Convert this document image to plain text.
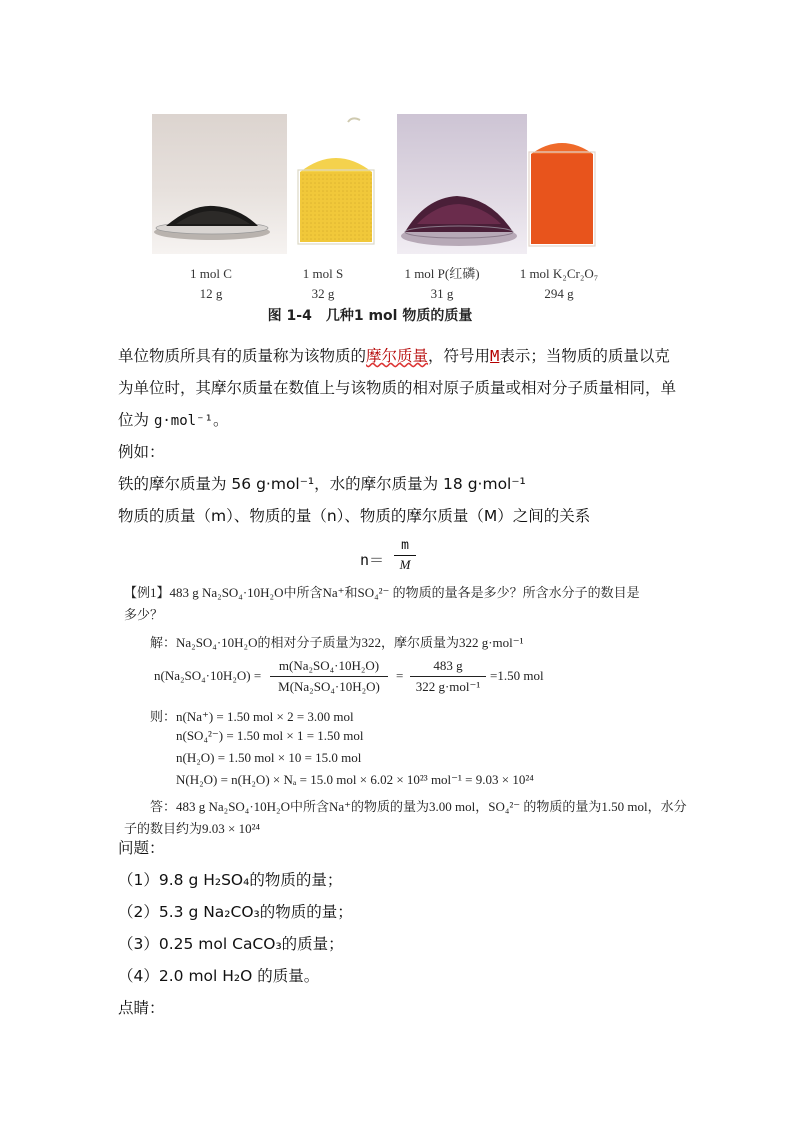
1 mol C
12 g
1 mol S
32 g
1 mol P(红磷)
31 g
1 mol K₂Cr₂O₇
294 g
图 1-4　几种1 mol 物质的质量

单位物质所具有的质量称为该物质的摩尔质量，符号用M表示；当物质的质量以克为单位时，其摩尔质量在数值上与该物质的相对原子质量或相对分子质量相同，单位为 g·mol⁻¹。

例如：

铁的摩尔质量为 56 g·mol⁻¹，水的摩尔质量为 18 g·mol⁻¹

物质的质量（m）、物质的量（n）、物质的摩尔质量（M）之间的关系

n＝
m
M
【例1】483 g Na₂SO₄·10H₂O中所含Na⁺和SO₄²⁻ 的物质的量各是多少？所含水分子的数目是
多少？
解：Na₂SO₄·10H₂O的相对分子质量为322，摩尔质量为322 g·mol⁻¹
n(Na₂SO₄·10H₂O) =
m(Na₂SO₄·10H₂O)
M(Na₂SO₄·10H₂O)
=
483 g
322 g·mol⁻¹
=1.50 mol
则：n(Na⁺) = 1.50 mol × 2 = 3.00 mol
n(SO₄²⁻) = 1.50 mol × 1 = 1.50 mol
n(H₂O) = 1.50 mol × 10 = 15.0 mol
N(H₂O) = n(H₂O) × Nₐ = 15.0 mol × 6.02 × 10²³ mol⁻¹ = 9.03 × 10²⁴
答：483 g Na₂SO₄·10H₂O中所含Na⁺的物质的量为3.00 mol，SO₄²⁻ 的物质的量为1.50 mol，水分
子的数目约为9.03 × 10²⁴

问题：

（1）9.8 g H₂SO₄的物质的量；

（2）5.3 g Na₂CO₃的物质的量；

（3）0.25 mol CaCO₃的质量；

（4）2.0 mol H₂O 的质量。

点睛：
